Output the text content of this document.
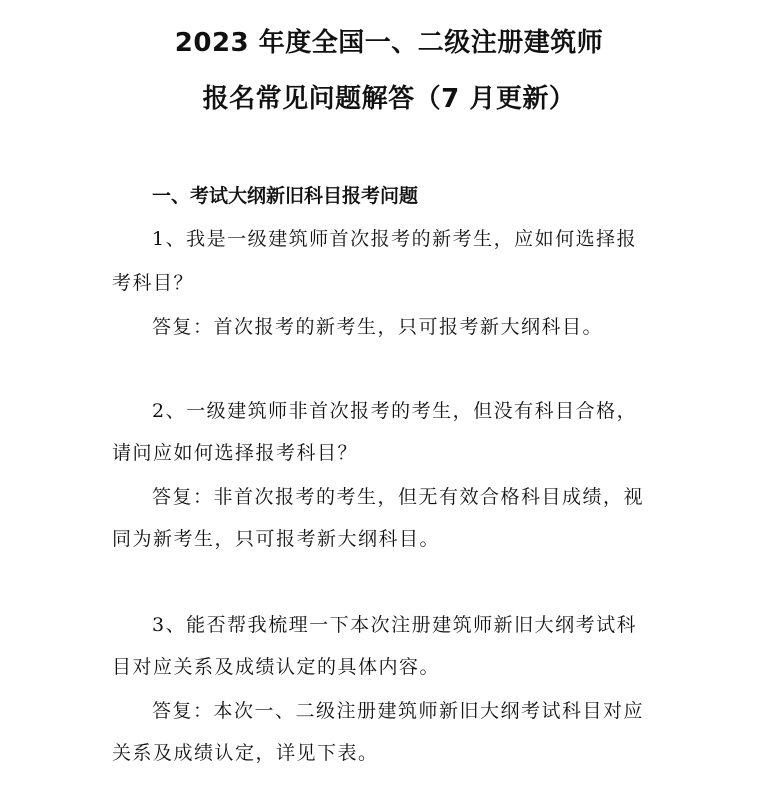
2023 年度全国一、二级注册建筑师
报名常见问题解答（7 月更新）
一、考试大纲新旧科目报考问题
1、我是一级建筑师首次报考的新考生，应如何选择报
考科目？
答复：首次报考的新考生，只可报考新大纲科目。
2、一级建筑师非首次报考的考生，但没有科目合格，
请问应如何选择报考科目？
答复：非首次报考的考生，但无有效合格科目成绩，视
同为新考生，只可报考新大纲科目。
3、能否帮我梳理一下本次注册建筑师新旧大纲考试科
目对应关系及成绩认定的具体内容。
答复：本次一、二级注册建筑师新旧大纲考试科目对应
关系及成绩认定，详见下表。
